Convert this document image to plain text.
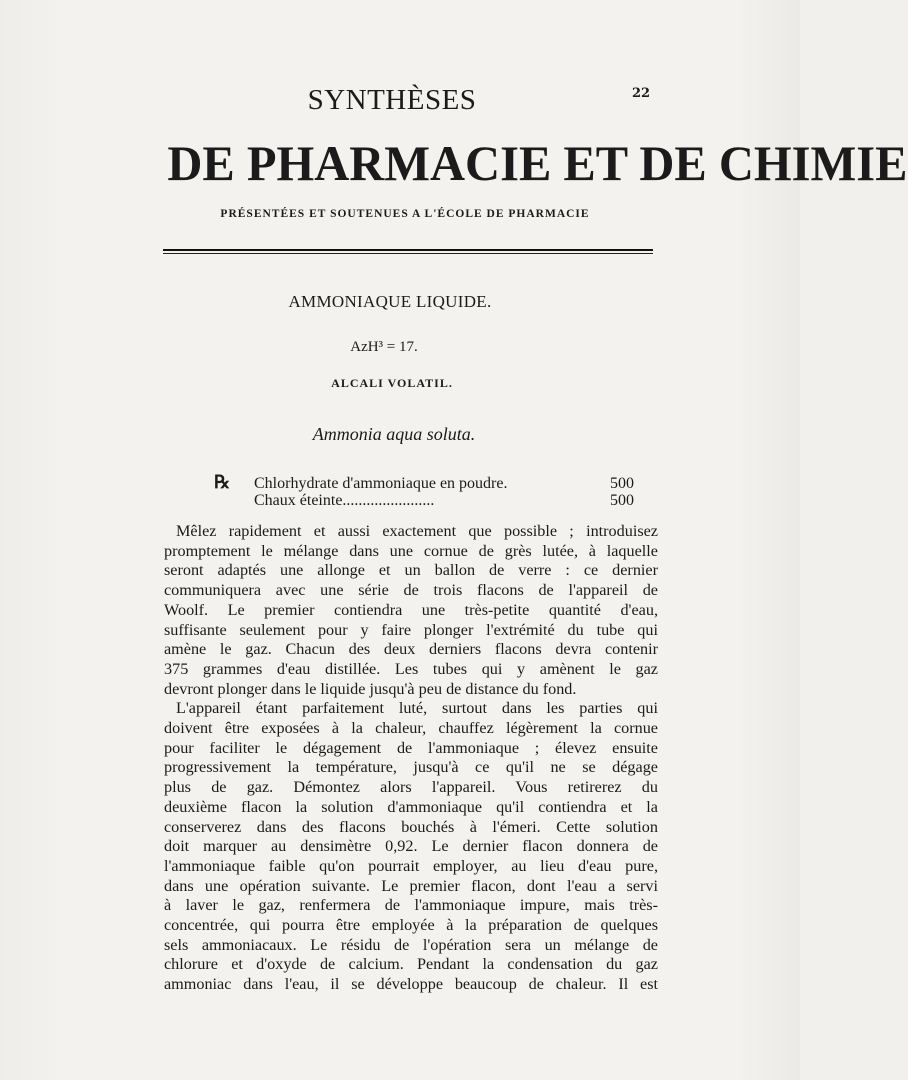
22
SYNTHÈSES
DE PHARMACIE ET DE CHIMIE
PRÉSENTÉES ET SOUTENUES A L'ÉCOLE DE PHARMACIE
AMMONIAQUE LIQUIDE.
AzH³ = 17.
ALCALI VOLATIL.
Ammonia aqua soluta.
℞	Chlorhydrate d'ammoniaque en poudre.	500
Chaux éteinte.......................	500
Mêlez rapidement et aussi exactement que possible ; introduisez
promptement le mélange dans une cornue de grès lutée, à laquelle
seront adaptés une allonge et un ballon de verre : ce dernier
communiquera avec une série de trois flacons de l'appareil de
Woolf. Le premier contiendra une très-petite quantité d'eau,
suffisante seulement pour y faire plonger l'extrémité du tube qui
amène le gaz. Chacun des deux derniers flacons devra contenir
375 grammes d'eau distillée. Les tubes qui y amènent le gaz
devront plonger dans le liquide jusqu'à peu de distance du fond.
L'appareil étant parfaitement luté, surtout dans les parties qui
doivent être exposées à la chaleur, chauffez légèrement la cornue
pour faciliter le dégagement de l'ammoniaque ; élevez ensuite
progressivement la température, jusqu'à ce qu'il ne se dégage
plus de gaz. Démontez alors l'appareil. Vous retirerez du
deuxième flacon la solution d'ammoniaque qu'il contiendra et la
conserverez dans des flacons bouchés à l'émeri. Cette solution
doit marquer au densimètre 0,92. Le dernier flacon donnera de
l'ammoniaque faible qu'on pourrait employer, au lieu d'eau pure,
dans une opération suivante. Le premier flacon, dont l'eau a servi
à laver le gaz, renfermera de l'ammoniaque impure, mais très-
concentrée, qui pourra être employée à la préparation de quelques
sels ammoniacaux. Le résidu de l'opération sera un mélange de
chlorure et d'oxyde de calcium. Pendant la condensation du gaz
ammoniac dans l'eau, il se développe beaucoup de chaleur. Il est
